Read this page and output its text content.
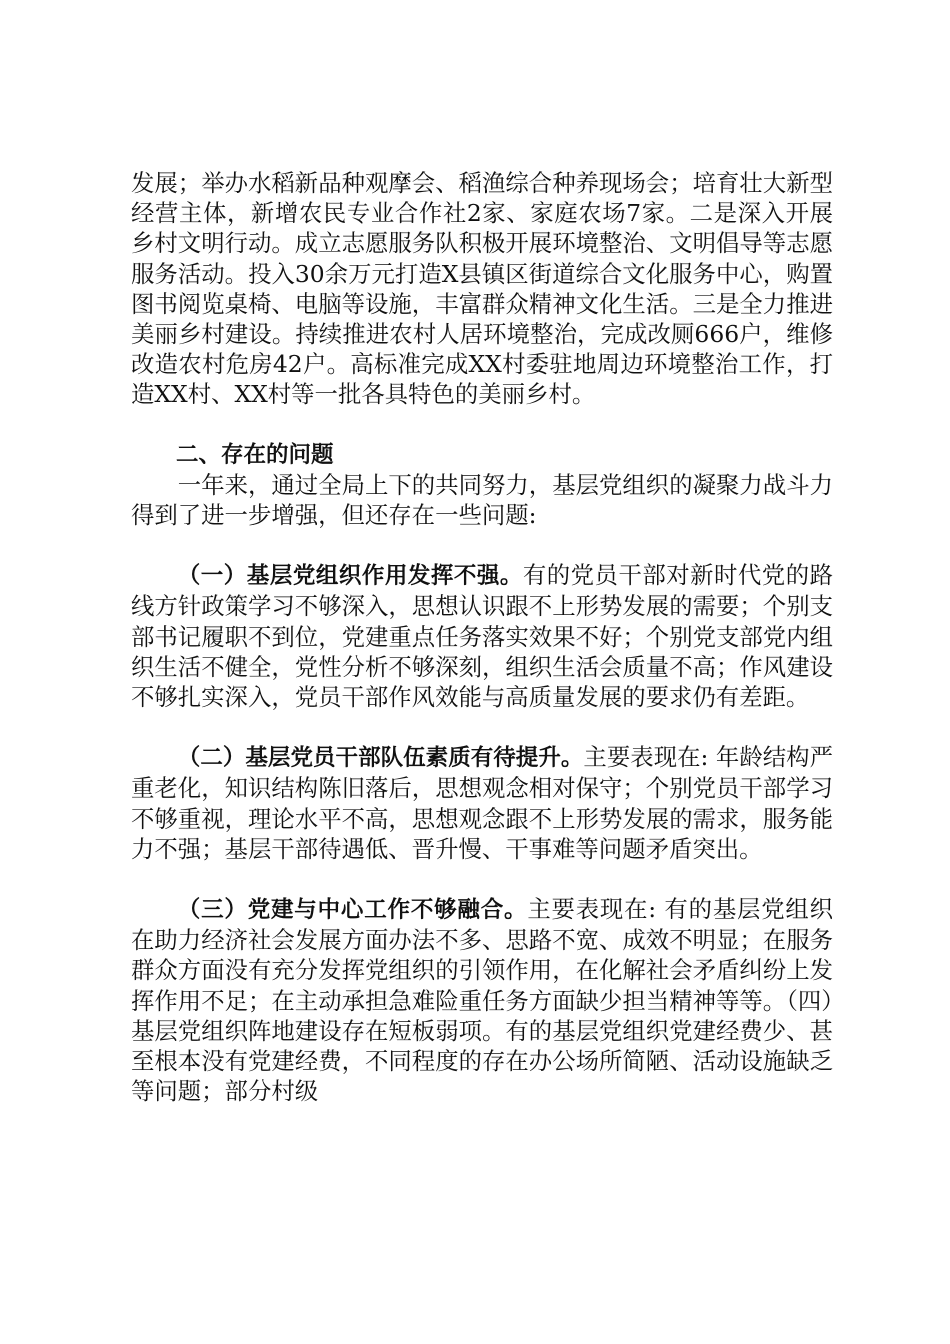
发展；举办水稻新品种观摩会、稻渔综合种养现场会；培育壮大新型经营主体，新增农民专业合作社2家、家庭农场7家。二是深入开展乡村文明行动。成立志愿服务队积极开展环境整治、文明倡导等志愿服务活动。投入30余万元打造X县镇区街道综合文化服务中心，购置图书阅览桌椅、电脑等设施，丰富群众精神文化生活。三是全力推进美丽乡村建设。持续推进农村人居环境整治，完成改厕666户，维修改造农村危房42户。高标准完成XX村委驻地周边环境整治工作，打造XX村、XX村等一批各具特色的美丽乡村。

二、存在的问题

一年来，通过全局上下的共同努力，基层党组织的凝聚力战斗力得到了进一步增强，但还存在一些问题:

（一）基层党组织作用发挥不强。有的党员干部对新时代党的路线方针政策学习不够深入，思想认识跟不上形势发展的需要；个别支部书记履职不到位，党建重点任务落实效果不好；个别党支部党内组织生活不健全，党性分析不够深刻，组织生活会质量不高；作风建设不够扎实深入，党员干部作风效能与高质量发展的要求仍有差距。

（二）基层党员干部队伍素质有待提升。主要表现在: 年龄结构严重老化，知识结构陈旧落后，思想观念相对保守；个别党员干部学习不够重视，理论水平不高，思想观念跟不上形势发展的需求，服务能力不强；基层干部待遇低、晋升慢、干事难等问题矛盾突出。

（三）党建与中心工作不够融合。主要表现在: 有的基层党组织在助力经济社会发展方面办法不多、思路不宽、成效不明显；在服务群众方面没有充分发挥党组织的引领作用，在化解社会矛盾纠纷上发挥作用不足；在主动承担急难险重任务方面缺少担当精神等等。（四）基层党组织阵地建设存在短板弱项。有的基层党组织党建经费少、甚至根本没有党建经费，不同程度的存在办公场所简陋、活动设施缺乏等问题；部分村级
